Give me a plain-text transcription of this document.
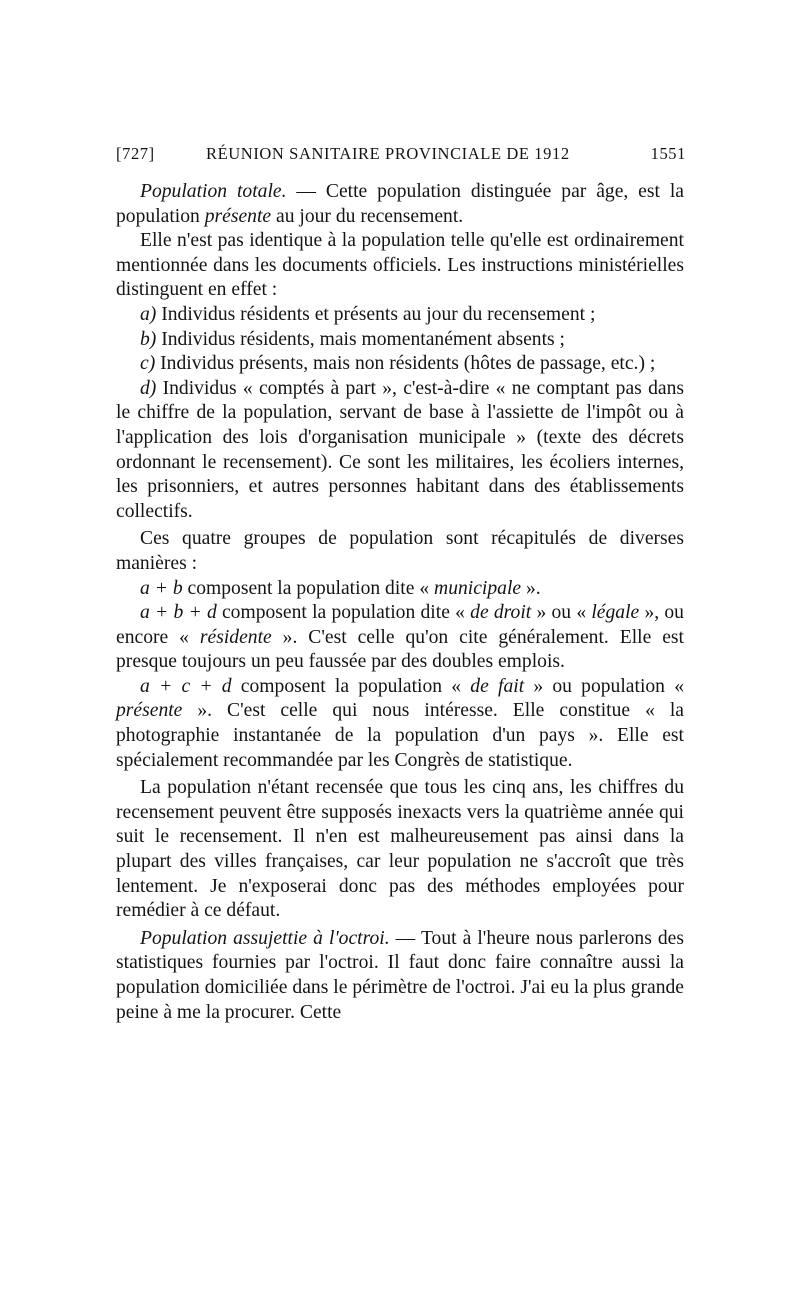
[727]	RÉUNION SANITAIRE PROVINCIALE DE 1912	1551

Population totale. — Cette population distinguée par âge, est la population présente au jour du recensement.

Elle n'est pas identique à la population telle qu'elle est ordinairement mentionnée dans les documents officiels. Les instructions ministérielles distinguent en effet :

a) Individus résidents et présents au jour du recensement ;

b) Individus résidents, mais momentanément absents ;

c) Individus présents, mais non résidents (hôtes de passage, etc.) ;

d) Individus « comptés à part », c'est-à-dire « ne comptant pas dans le chiffre de la population, servant de base à l'assiette de l'impôt ou à l'application des lois d'organisation municipale » (texte des décrets ordonnant le recensement). Ce sont les militaires, les écoliers internes, les prisonniers, et autres personnes habitant dans des établissements collectifs.

Ces quatre groupes de population sont récapitulés de diverses manières :

a + b composent la population dite « municipale ».

a + b + d composent la population dite « de droit » ou « légale », ou encore « résidente ». C'est celle qu'on cite généralement. Elle est presque toujours un peu faussée par des doubles emplois.

a + c + d composent la population « de fait » ou population « présente ». C'est celle qui nous intéresse. Elle constitue « la photographie instantanée de la population d'un pays ». Elle est spécialement recommandée par les Congrès de statistique.

La population n'étant recensée que tous les cinq ans, les chiffres du recensement peuvent être supposés inexacts vers la quatrième année qui suit le recensement. Il n'en est malheureusement pas ainsi dans la plupart des villes françaises, car leur population ne s'accroît que très lentement. Je n'exposerai donc pas des méthodes employées pour remédier à ce défaut.

Population assujettie à l'octroi. — Tout à l'heure nous parlerons des statistiques fournies par l'octroi. Il faut donc faire connaître aussi la population domiciliée dans le périmètre de l'octroi. J'ai eu la plus grande peine à me la procurer. Cette
